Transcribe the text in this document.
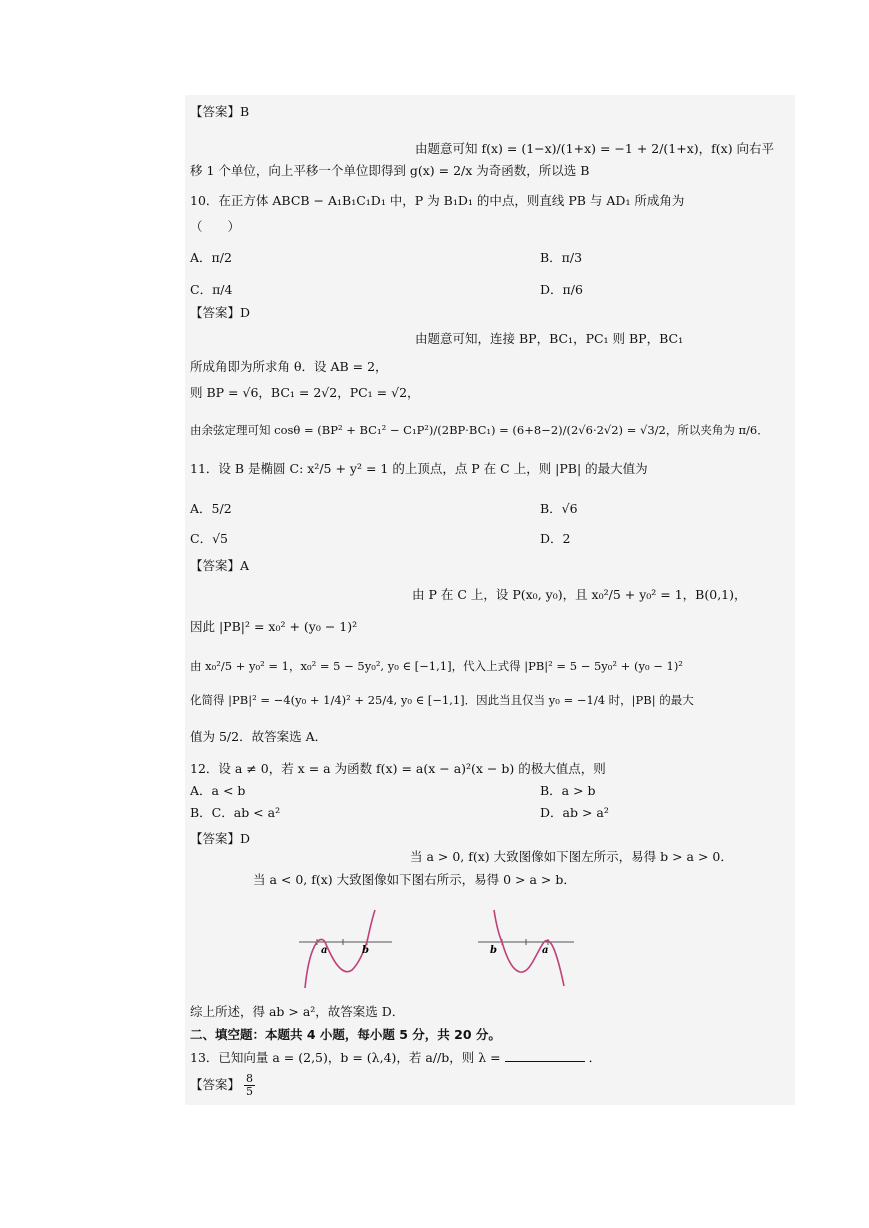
【答案】B
由题意可知 f(x) = (1−x)/(1+x) = −1 + 2/(1+x)，f(x) 向右平
移 1 个单位，向上平移一个单位即得到 g(x) = 2/x 为奇函数，所以选 B
10．在正方体 ABCB − A₁B₁C₁D₁ 中，P 为 B₁D₁ 的中点，则直线 PB 与 AD₁ 所成角为
（　　）
A．π/2	B．π/3
C．π/4	D．π/6
【答案】D
由题意可知，连接 BP，BC₁，PC₁ 则 BP，BC₁
所成角即为所求角 θ．设 AB = 2，
则 BP = √6，BC₁ = 2√2，PC₁ = √2，
由余弦定理可知 cosθ = (BP² + BC₁² − C₁P²)/(2BP·BC₁) = (6+8−2)/(2√6·2√2) = √3/2，所以夹角为 π/6．
11．设 B 是椭圆 C: x²/5 + y² = 1 的上顶点，点 P 在 C 上，则 |PB| 的最大值为
A．5/2	B．√6
C．√5	D．2
【答案】A
由 P 在 C 上，设 P(x₀, y₀)，且 x₀²/5 + y₀² = 1，B(0,1)，
因此 |PB|² = x₀² + (y₀ − 1)²
由 x₀²/5 + y₀² = 1，x₀² = 5 − 5y₀², y₀ ∈ [−1,1]，代入上式得 |PB|² = 5 − 5y₀² + (y₀ − 1)²
化简得 |PB|² = −4(y₀ + 1/4)² + 25/4, y₀ ∈ [−1,1]．因此当且仅当 y₀ = −1/4 时，|PB| 的最大
值为 5/2．故答案选 A．
12．设 a ≠ 0，若 x = a 为函数 f(x) = a(x − a)²(x − b) 的极大值点，则
A．a < b	B．a > b
B．C．ab < a²	D．ab > a²
【答案】D
当 a > 0, f(x) 大致图像如下图左所示，易得 b > a > 0．
当 a < 0, f(x) 大致图像如下图右所示，易得 0 > a > b．
a	b	b	a
综上所述，得 ab > a²，故答案选 D．
二、填空题：本题共 4 小题，每小题 5 分，共 20 分。
13．已知向量 a = (2,5)，b = (λ,4)，若 a//b，则 λ =	．
【答案】 $\frac{8}{5}$
